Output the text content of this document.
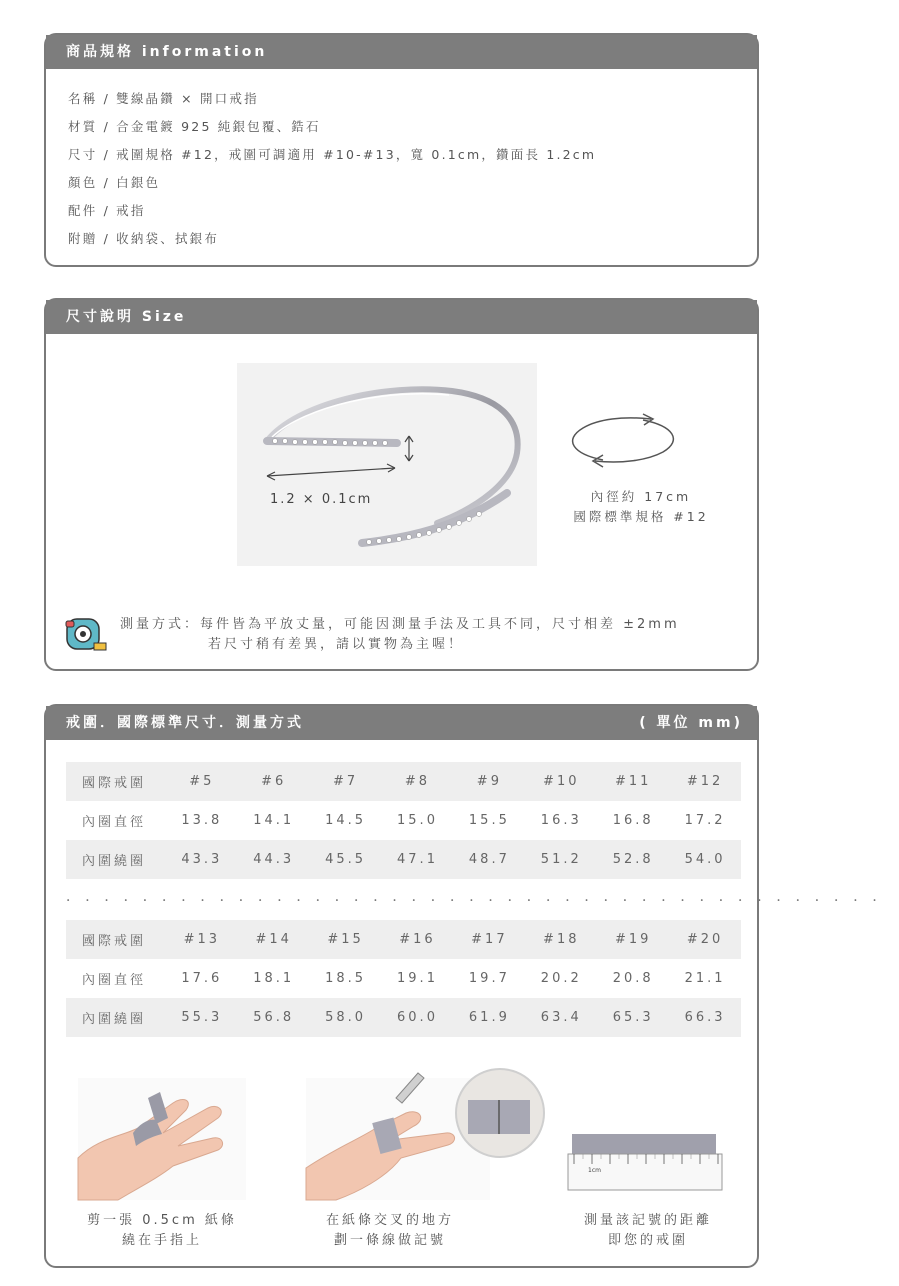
商品規格 information
名稱 / 雙線晶鑽 × 開口戒指
材質 / 合金電鍍 925 純銀包覆、鋯石
尺寸 / 戒圍規格 #12，戒圍可調適用 #10-#13，寬 0.1cm，鑽面長 1.2cm
顏色 / 白銀色
配件 / 戒指
附贈 / 收納袋、拭銀布
尺寸說明 Size
1.2 × 0.1cm	內徑約 17cm
國際標準規格 #12
測量方式：每件皆為平放丈量，可能因測量手法及工具不同，尺寸相差 ±2mm
若尺寸稍有差異，請以實物為主喔！
戒圍．國際標準尺寸．測量方式	( 單位 mm)
國際戒圍	#5	#6	#7	#8	#9	#10	#11	#12
內圈直徑	13.8	14.1	14.5	15.0	15.5	16.3	16.8	17.2
內圍繞圈	43.3	44.3	45.5	47.1	48.7	51.2	52.8	54.0
．．．．．．．．．．．．．．．．．．．．．．．．．．．．．．．．．．．．．．．．．．．
國際戒圍	#13	#14	#15	#16	#17	#18	#19	#20
內圈直徑	17.6	18.1	18.5	19.1	19.7	20.2	20.8	21.1
內圍繞圈	55.3	56.8	58.0	60.0	61.9	63.4	65.3	66.3
剪一張 0.5cm 紙條
繞在手指上
在紙條交叉的地方
劃一條線做記號
1cm
測量該記號的距離
即您的戒圍
